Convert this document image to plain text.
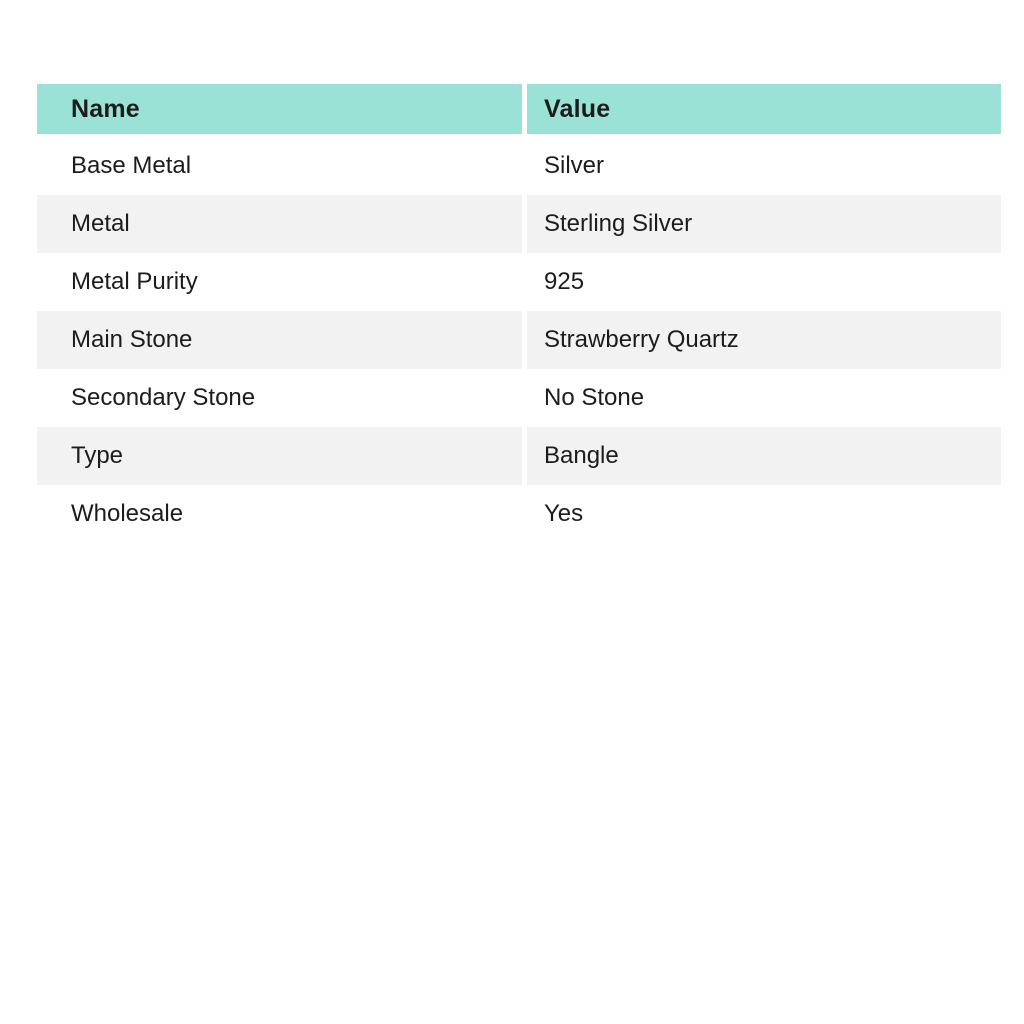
Name	Value
Base Metal	Silver
Metal	Sterling Silver
Metal Purity	925
Main Stone	Strawberry Quartz
Secondary Stone	No Stone
Type	Bangle
Wholesale	Yes
